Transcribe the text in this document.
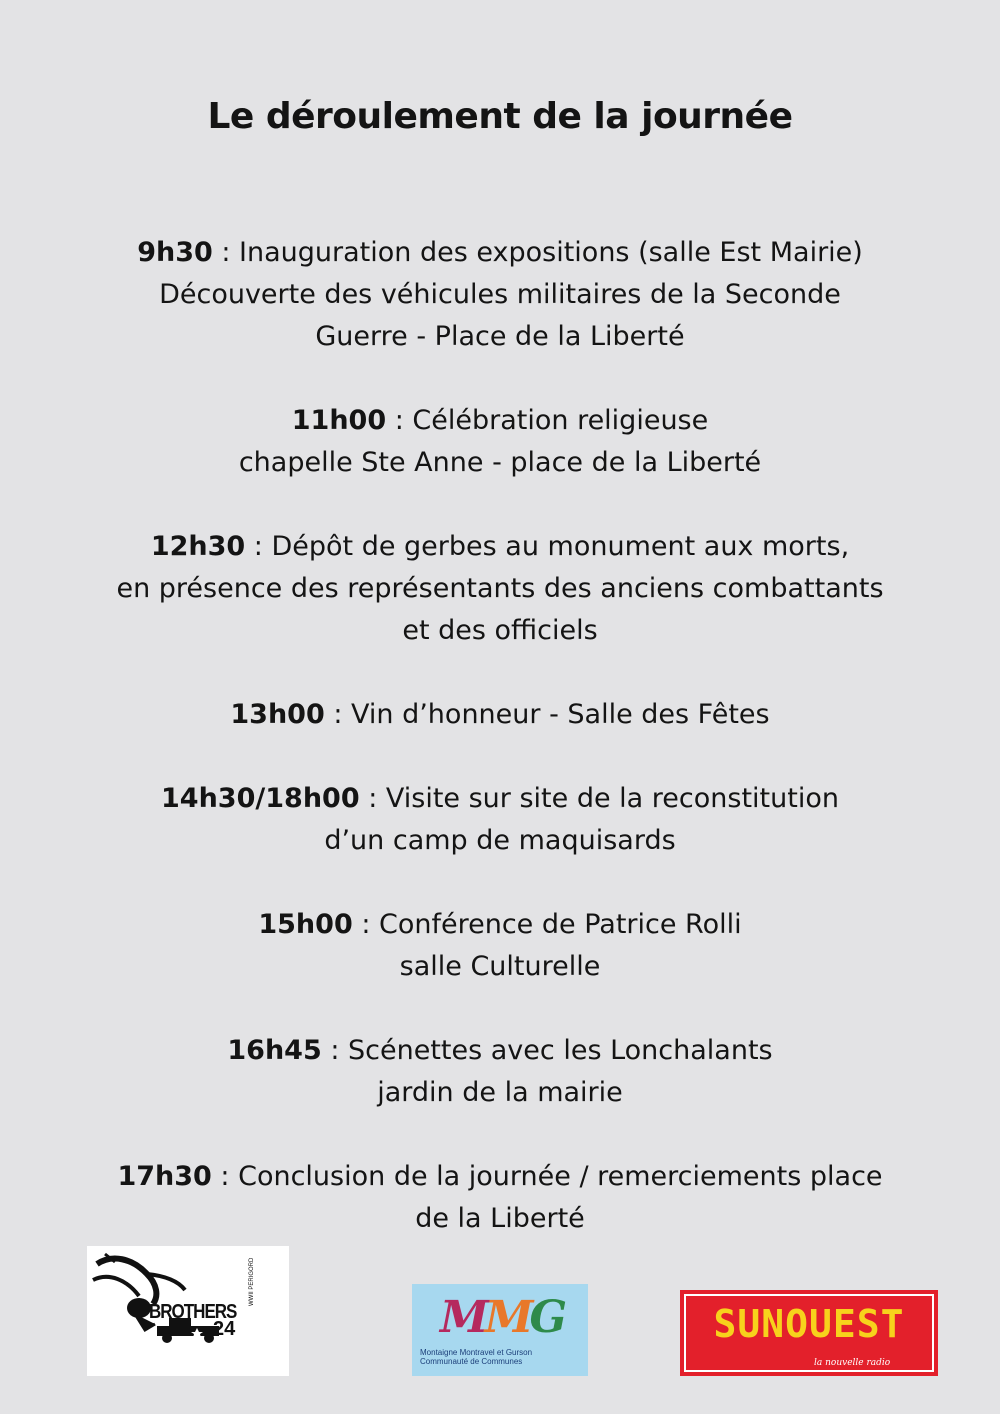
Le déroulement de la journée

9h30 : Inauguration des expositions (salle Est Mairie)
Découverte des véhicules militaires de la Seconde
Guerre - Place de la Liberté

11h00 : Célébration religieuse
chapelle Ste Anne - place de la Liberté

12h30 : Dépôt de gerbes au monument aux morts,
en présence des représentants des anciens combattants
et des officiels

13h00 : Vin d’honneur - Salle des Fêtes

14h30/18h00 : Visite sur site de la reconstitution
d’un camp de maquisards

15h00 : Conférence de Patrice Rolli
salle Culturelle

16h45 : Scénettes avec les Lonchalants
jardin de la mairie

17h30 : Conclusion de la journée / remerciements place
de la Liberté

BROTHERS
24
WWII PERIGORD
MMG
Montaigne Montravel et Gurson
Communauté de Communes
SUNOUEST
la nouvelle radio
